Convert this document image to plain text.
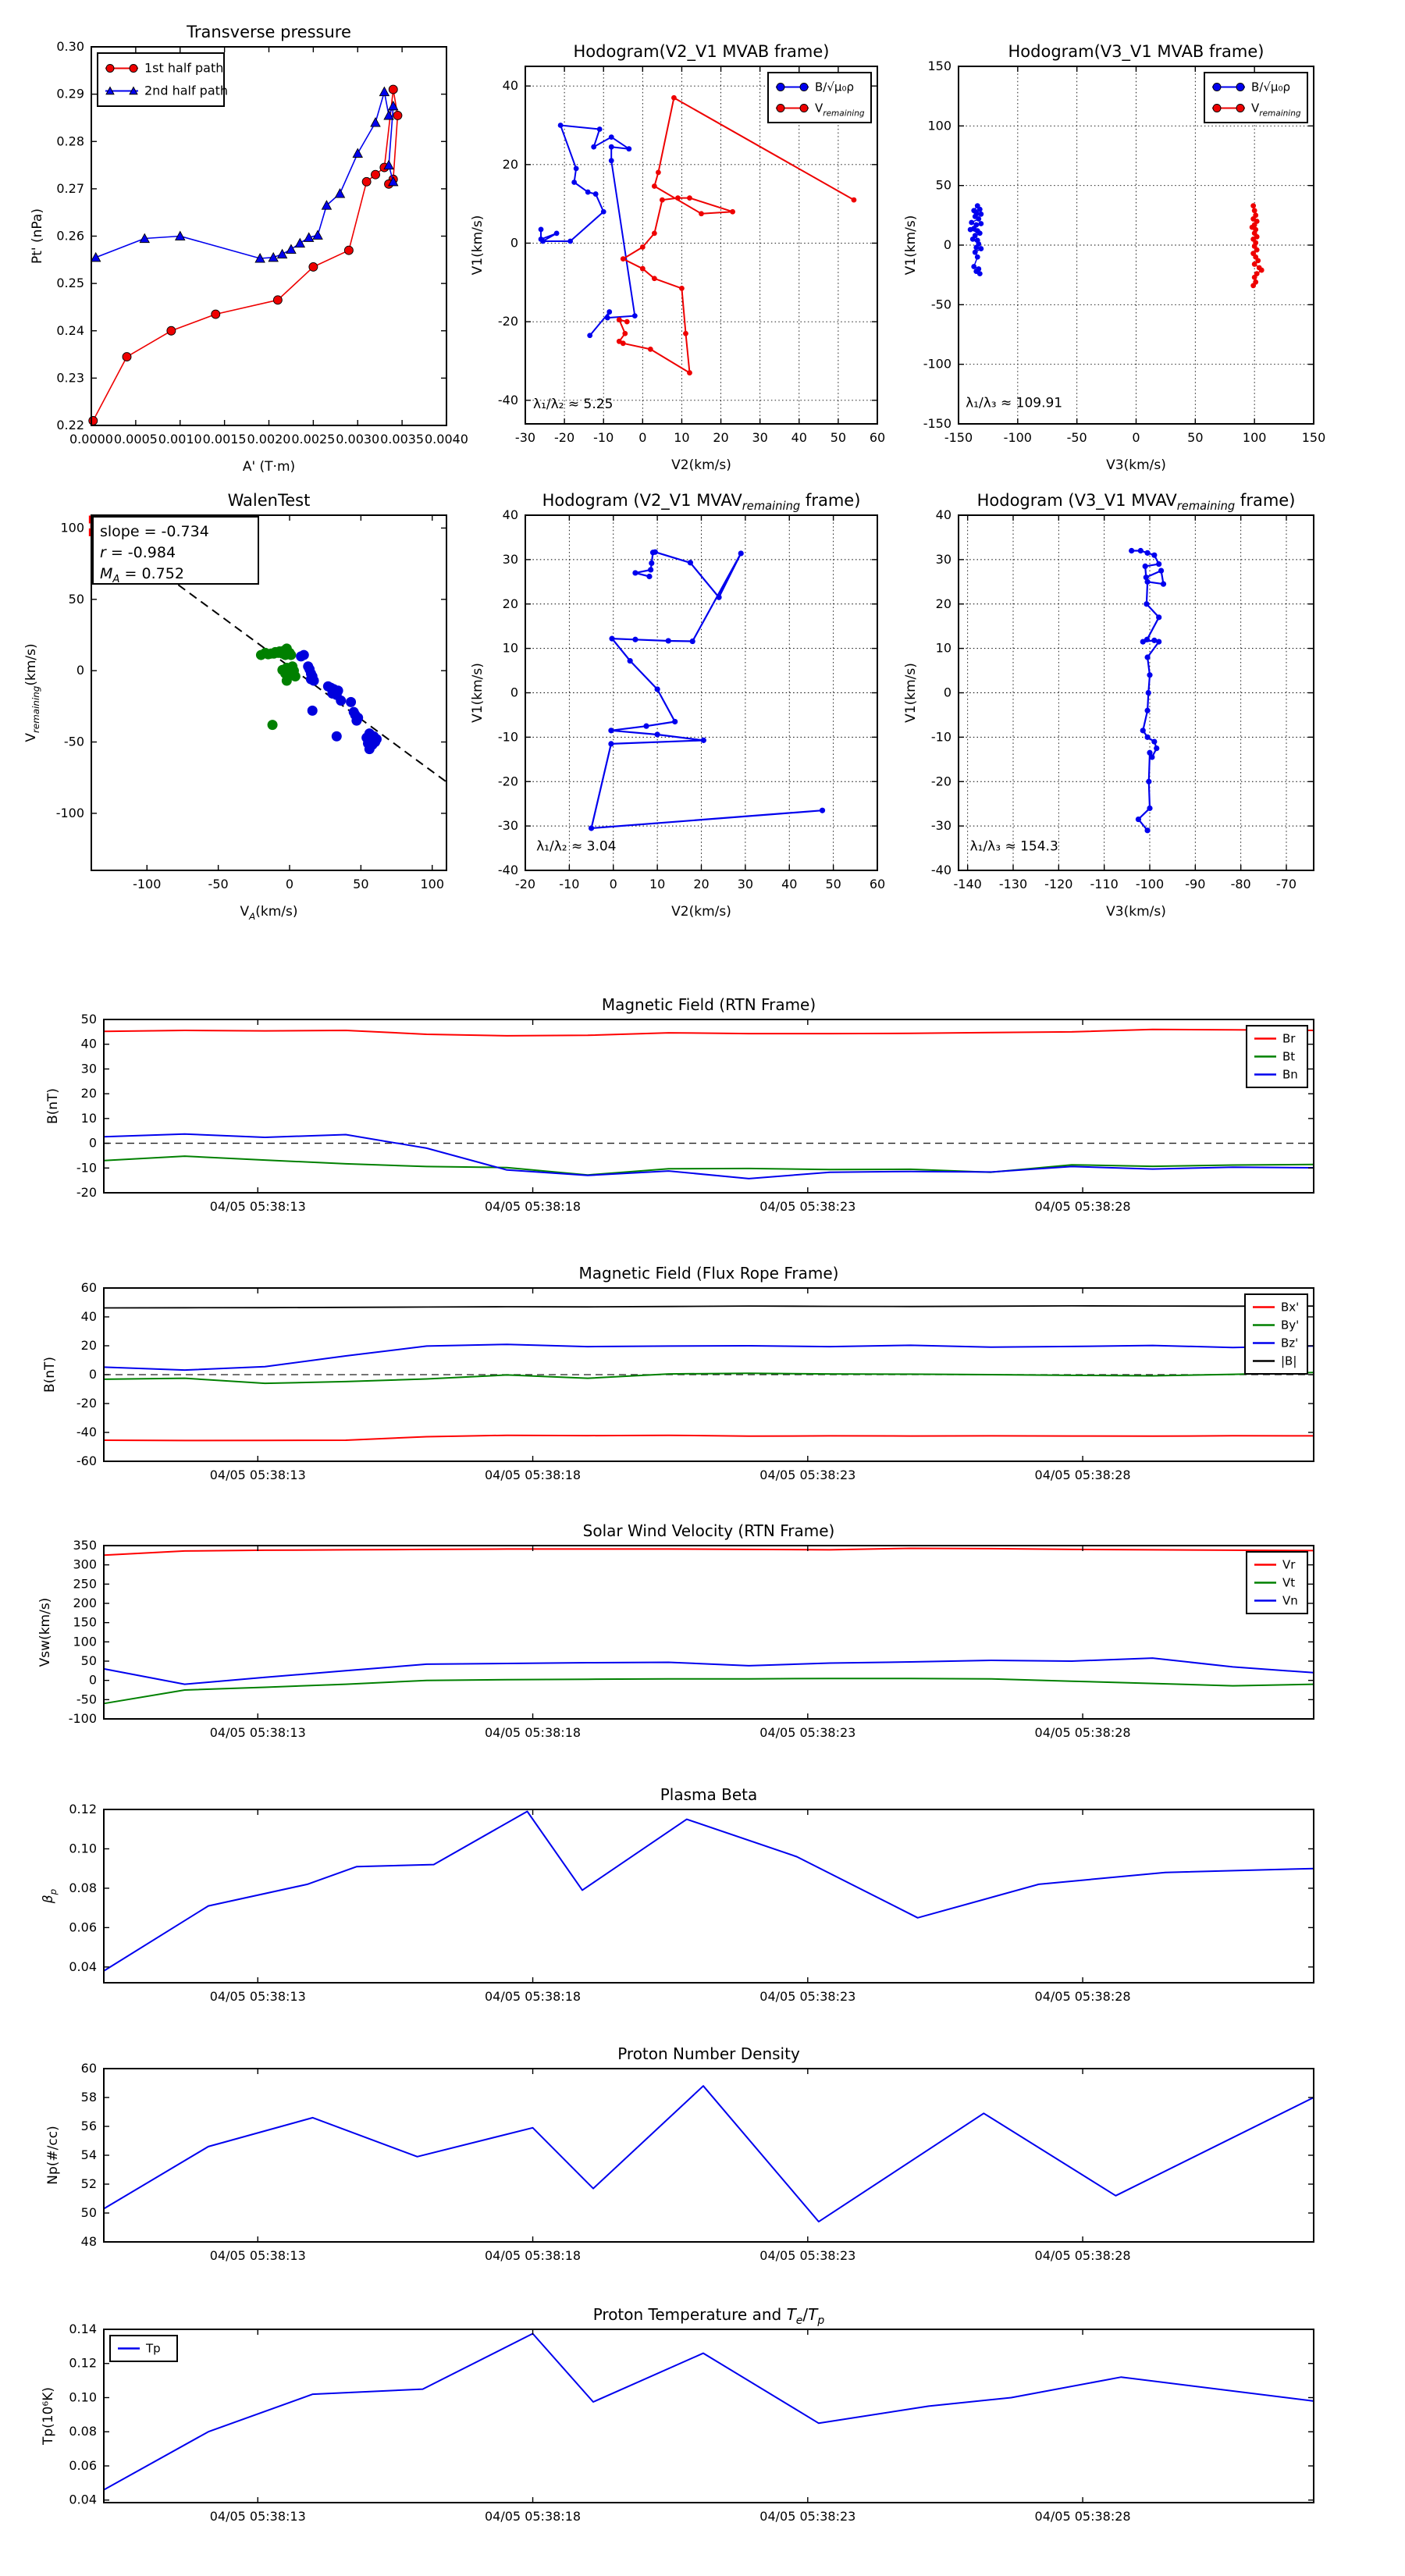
0.0000 0.0005 0.0010 0.0015 0.0020 0.0025 0.0030 0.0035 0.0040
0.22
0.23
0.24
0.25
0.26
0.27
0.28
0.29
0.30
Transverse pressure
A' (T·m)
Pt' (nPa)
1st half path
2nd half path
-30 -20 -10 0 10 20 30 40 50 60
-40
-20
0
20
40
Hodogram(V2_V1 MVAB frame)
V2(km/s)
V1(km/s)
λ₁/λ₂ ≈ 5.25
B/√μ₀ρ
$V_{remaining}$
-150 -100	-50	0	50	100	150
-150
-100
-50
0
50
100
150
Hodogram(V3_V1 MVAB frame)
V3(km/s)
V1(km/s)
λ₁/λ₃ ≈ 109.91
B/√μ₀ρ
$V_{remaining}$
-100	-50	0	50	100
-100
-50
0
50
100
WalenTest
$V_A(km/s)$
$V_{remaining}(km/s)$
slope = -0.734
r = -0.984
$M_A = 0.752$
-20 -10 0	10 20 30 40 50 60
-40
-30
-20
-10
0
10
20
30
40
Hodogram (V2_V1 $MVAV_{remaining}$ frame)
V2(km/s)
V1(km/s)
λ₁/λ₂ ≈ 3.04
-140 -130 -120 -110 -100 -90 -80 -70
-40
-30
-20
-10
0
10
20
30
40
Hodogram (V3_V1 $MVAV_{remaining}$ frame)
V3(km/s)
V1(km/s)
λ₁/λ₃ ≈ 154.3
04/05 05:38:13	04/05 05:38:18	04/05 05:38:23	04/05 05:38:28
-20
-10
0
10
20
30
40
50
Magnetic Field (RTN Frame)
B(nT)
Br
Bt
Bn
04/05 05:38:13	04/05 05:38:18	04/05 05:38:23	04/05 05:38:28
-60
-40
-20
0
20
40
60
Magnetic Field (Flux Rope Frame)
B(nT)
Bx'
By'
Bz'
|B|
04/05 05:38:13	04/05 05:38:18	04/05 05:38:23	04/05 05:38:28
-100
-50
0
50
100
150
200
250
300
350
Solar Wind Velocity (RTN Frame)
Vsw(km/s)
Vr
Vt
Vn
04/05 05:38:13	04/05 05:38:18	04/05 05:38:23	04/05 05:38:28
0.04
0.06
0.08
0.10
0.12
Plasma Beta
$\beta_p$
04/05 05:38:13	04/05 05:38:18	04/05 05:38:23	04/05 05:38:28
48
50
52
54
56
58
60
Proton Number Density
Np(#/cc)
04/05 05:38:13	04/05 05:38:18	04/05 05:38:23	04/05 05:38:28
0.04
0.06
0.08
0.10
0.12
0.14
Proton Temperature and $T_e/T_p$
Tp(10⁶K)
Tp
